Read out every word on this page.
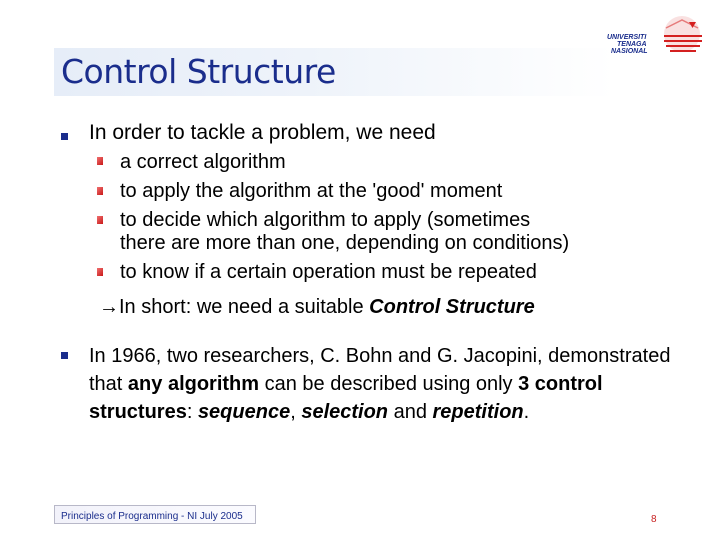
Control Structure
UNIVERSITI
TENAGA
NASIONAL
In order to tackle a problem, we need
a correct algorithm
to apply the algorithm at the 'good' moment
to decide which algorithm to apply (sometimes
there are more than one, depending on conditions)
to know if a certain operation must be repeated
→In short: we need a suitable Control Structure
In 1966, two researchers, C. Bohn and G. Jacopini, demonstrated that any algorithm can be described using only 3 control structures: sequence, selection and repetition.
Principles of Programming - NI July 2005	8
